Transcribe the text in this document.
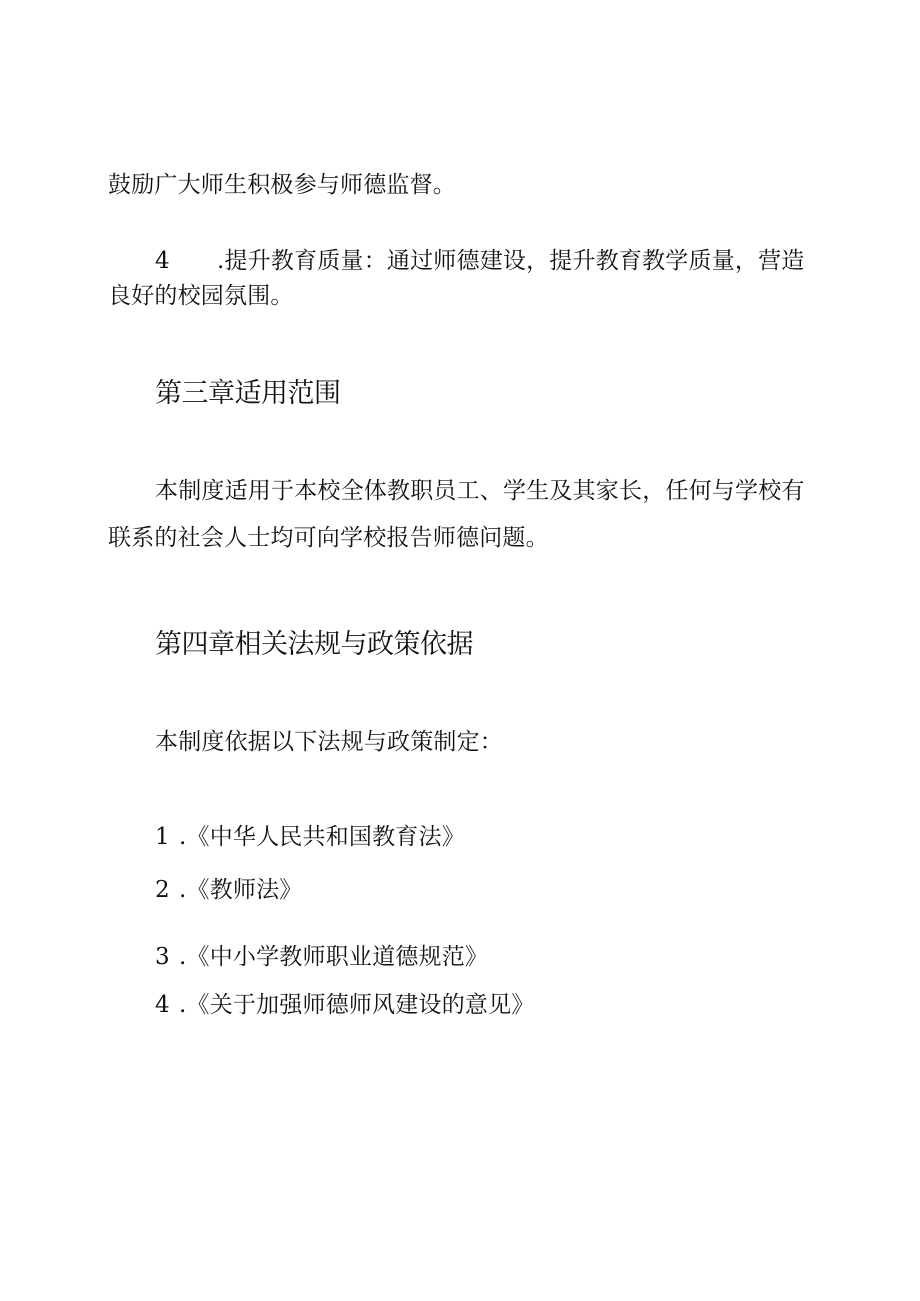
鼓励广大师生积极参与师德监督。

4 .提升教育质量：通过师德建设，提升教育教学质量，营造

良好的校园氛围。

第三章适用范围

本制度适用于本校全体教职员工、学生及其家长，任何与学校有

联系的社会人士均可向学校报告师德问题。

第四章相关法规与政策依据

本制度依据以下法规与政策制定：

1 .《中华人民共和国教育法》

2 .《教师法》

3 .《中小学教师职业道德规范》

4 .《关于加强师德师风建设的意见》
